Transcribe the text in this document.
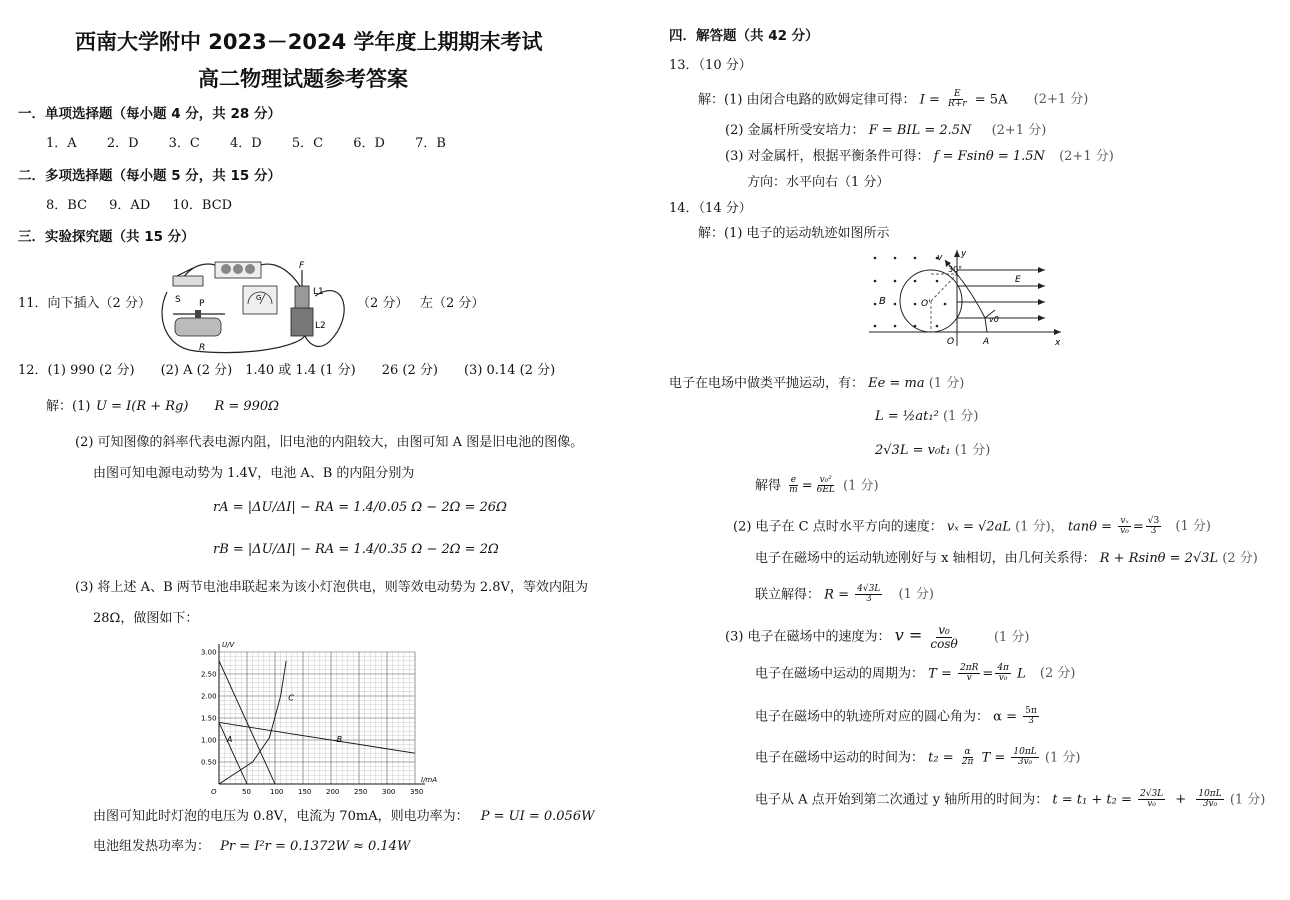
西南大学附中 2023－2024 学年度上期期末考试
高二物理试题参考答案
一．单项选择题（每小题 4 分，共 28 分）
1．A 2．D 3．C 4．D 5．C 6．D 7．B
二．多项选择题（每小题 5 分，共 15 分）
8．BC 9．AD 10．BCD
三．实验探究题（共 15 分）
11．向下插入（2 分）	S P
R
F
L1
L2
G	（2 分） 左（2 分）
12．(1) 990 (2 分)　　(2) A (2 分)　1.40 或 1.4 (1 分)　　26 (2 分)　　(3) 0.14 (2 分)
解：(1) U = I(R + Rg)　　R = 990Ω
(2) 可知图像的斜率代表电源内阻，旧电池的内阻较大，由图可知 A 图是旧电池的图像。
由图可知电源电动势为 1.4V，电池 A、B 的内阻分别为
rA = |ΔU/ΔI| − RA = 1.4/0.05 Ω − 2Ω = 26Ω
rB = |ΔU/ΔI| − RA = 1.4/0.35 Ω − 2Ω = 2Ω
(3) 将上述 A、B 两节电池串联起来为该小灯泡供电，则等效电动势为 2.8V，等效内阻为
28Ω，做图如下：
U/V
I/mA
O	50	100 150 200 250 300 350
0.50
1.00
1.50
2.00
2.50
3.00
A	B
C
由图可知此时灯泡的电压为 0.8V，电流为 70mA，则电功率为： P = UI = 0.056W
电池组发热功率为： Pr = I²r = 0.1372W ≈ 0.14W
四．解答题（共 42 分）
13．（10 分）
解：(1) 由闭合电路的欧姆定律可得： $I = \frac{E}{R+r} = 5A$ (2+1 分)
(2) 金属杆所受安培力： F = BIL = 2.5N (2+1 分)
(3) 对金属杆，根据平衡条件可得： f = Fsinθ = 1.5N (2+1 分)
方向：水平向右（1 分）
14．（14 分）
解：(1) 电子的运动轨迹如图所示
y
x
v
30°
E
B	O'
O	A
v0
电子在电场中做类平抛运动，有： Ee = ma (1 分)
L = ½at₁² (1 分)
2√3L = v₀t₁ (1 分)
解得 $\frac{e}{m} = \frac{\text{v₀²}}{6EL} (1$ 分)
(2) 电子在 C 点时水平方向的速度： vₓ = √2aL (1 分)， $\tan\theta = \frac{\text{vₓ}}{\text{v₀}} = \frac{√3}{3} (1$ 分)
电子在磁场中的运动轨迹刚好与 x 轴相切，由几何关系得： R + Rsinθ = 2√3L (2 分)
联立解得： $R = \frac{4√3L}{3} (1$ 分)
(3) 电子在磁场中的速度为： $v = \frac{\text{v₀}}{\cos\theta}$	(1 分)
电子在磁场中运动的周期为： $T = \frac{2\pi R}{v} = \frac{4\pi}{\text{v₀}}$ L (2 分)
电子在磁场中的轨迹所对应的圆心角为： $\alpha = \frac{5\pi}{3}$
电子在磁场中运动的时间为： $t_2 = \frac{\alpha}{2\pi}$ $T = \frac{10\pi L}{\text{3v₀}} (1$ 分)
电子从 A 点开始到第二次通过 y 轴所用的时间为： $t = t_1 + t_2 = \frac{2√3L}{\text{v₀}} + \frac{10\pi L}{\text{3v₀}} (1$ 分)
